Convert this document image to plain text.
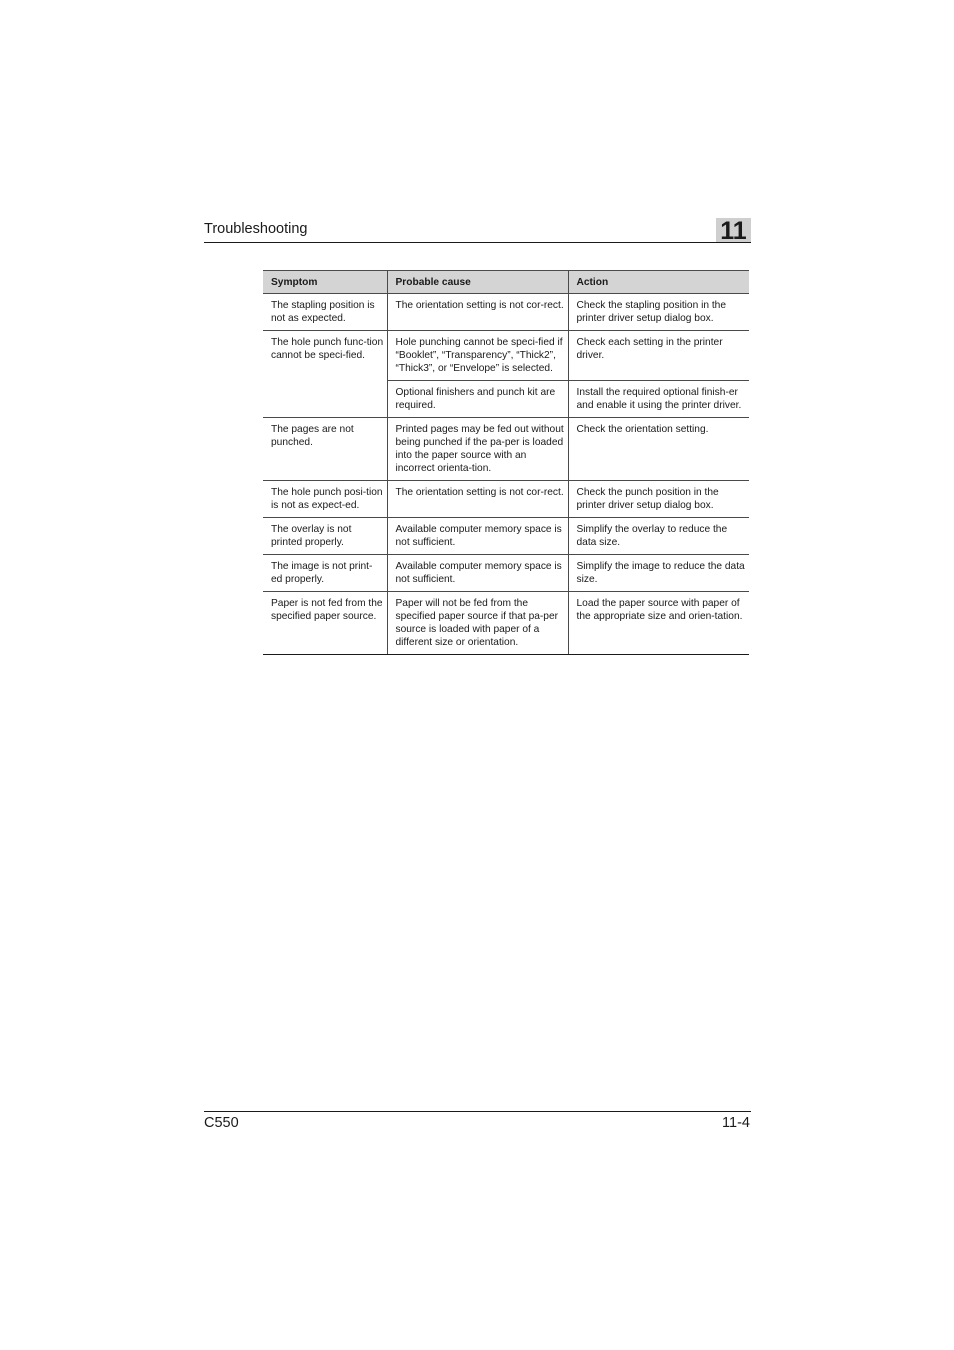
Troubleshooting	11
Symptom	Probable cause	Action
The stapling position is not as expected.	The orientation setting is not cor-rect.	Check the stapling position in the printer driver setup dialog box.
The hole punch func-tion cannot be speci-fied.	Hole punching cannot be speci-fied if “Booklet”, “Transparency”, “Thick2”, “Thick3”, or “Envelope” is selected.	Check each setting in the printer driver.
	Optional finishers and punch kit are required.	Install the required optional finish-er and enable it using the printer driver.
The pages are not punched.	Printed pages may be fed out without being punched if the pa-per is loaded into the paper source with an incorrect orienta-tion.	Check the orientation setting.
The hole punch posi-tion is not as expect-ed.	The orientation setting is not cor-rect.	Check the punch position in the printer driver setup dialog box.
The overlay is not printed properly.	Available computer memory space is not sufficient.	Simplify the overlay to reduce the data size.
The image is not print-ed properly.	Available computer memory space is not sufficient.	Simplify the image to reduce the data size.
Paper is not fed from the specified paper source.	Paper will not be fed from the specified paper source if that pa-per source is loaded with paper of a different size or orientation.	Load the paper source with paper of the appropriate size and orien-tation.
C550	11-4
